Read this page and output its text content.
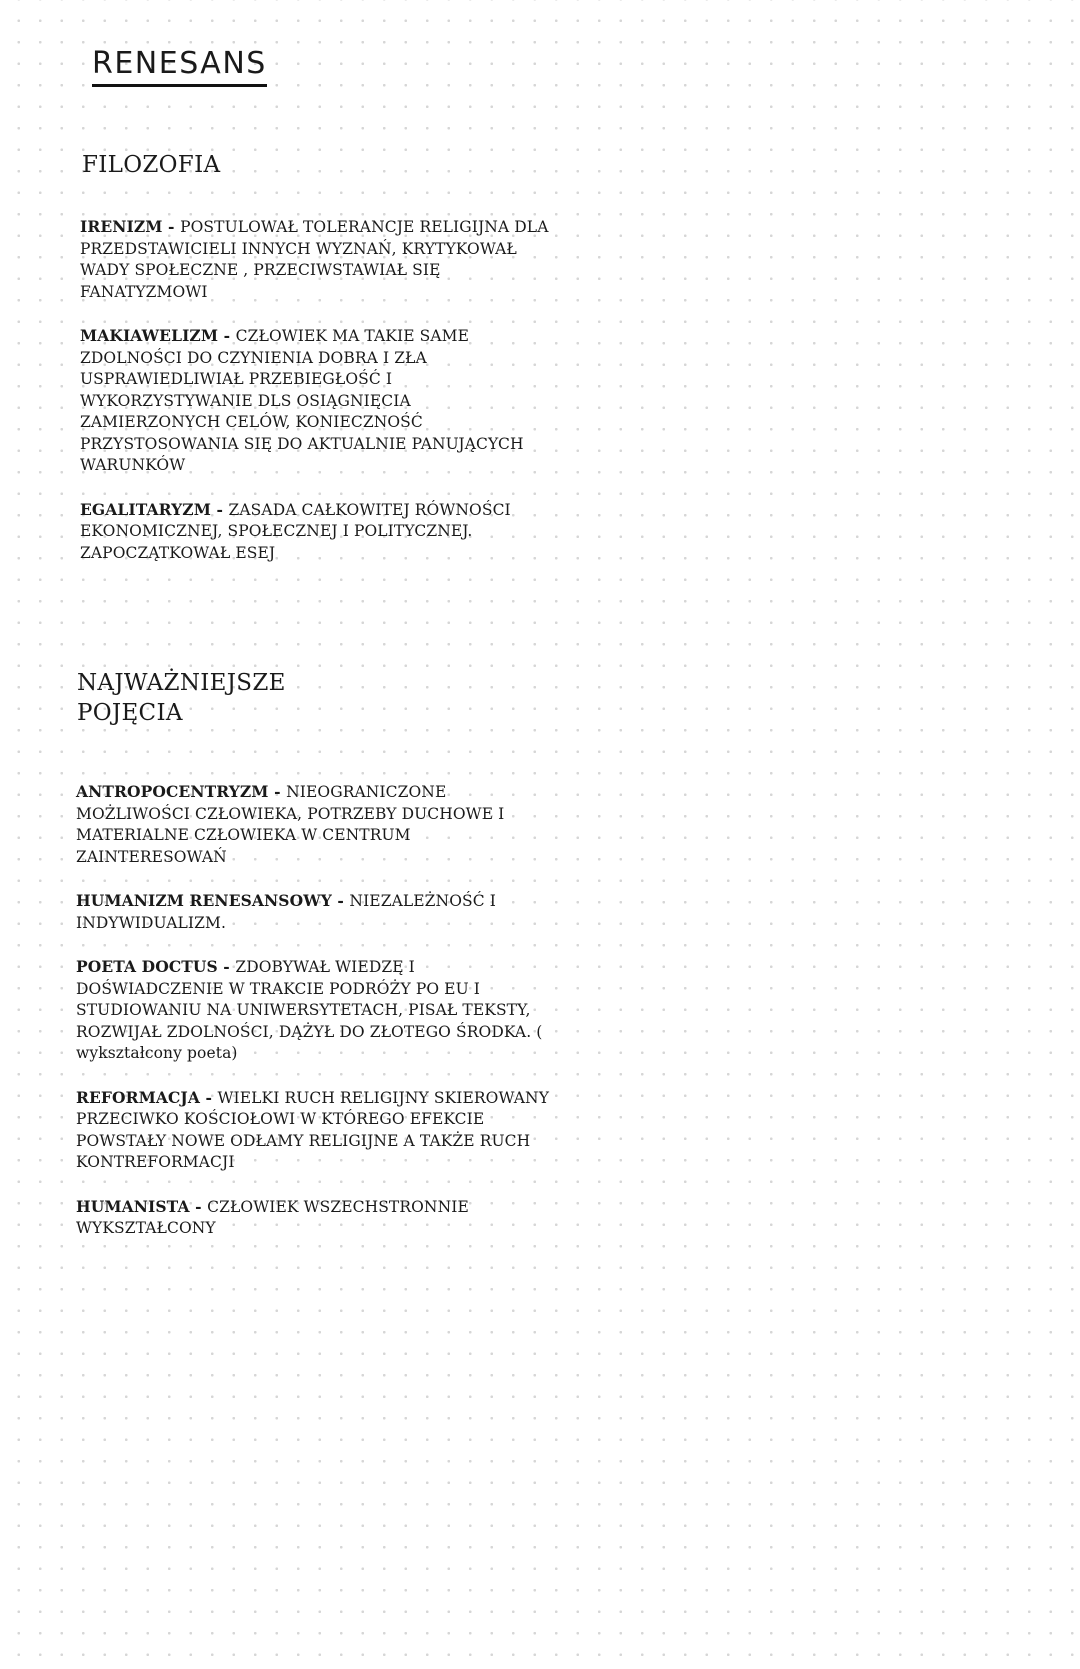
RENESANS
FILOZOFIA

IRENIZM - POSTULOWAŁ TOLERANCJE RELIGIJNA DLA PRZEDSTAWICIELI INNYCH WYZNAŃ, KRYTYKOWAŁ WADY SPOŁECZNE , PRZECIWSTAWIAŁ SIĘ FANATYZMOWI

MAKIAWELIZM - CZŁOWIEK MA TAKIE SAME ZDOLNOŚCI DO CZYNIENIA DOBRA I ZŁA
USPRAWIEDLIWIAŁ PRZEBIEGŁOŚĆ I WYKORZYSTYWANIE DLS OSIĄGNIĘCIA ZAMIERZONYCH CELÓW, KONIECZNOŚĆ PRZYSTOSOWANIA SIĘ DO AKTUALNIE PANUJĄCYCH WARUNKÓW

EGALITARYZM - ZASADA CAŁKOWITEJ RÓWNOŚCI EKONOMICZNEJ, SPOŁECZNEJ I POLITYCZNEJ. ZAPOCZĄTKOWAŁ ESEJ

NAJWAŻNIEJSZE POJĘCIA

ANTROPOCENTRYZM - NIEOGRANICZONE MOŻLIWOŚCI CZŁOWIEKA, POTRZEBY DUCHOWE I MATERIALNE CZŁOWIEKA W CENTRUM ZAINTERESOWAŃ

HUMANIZM RENESANSOWY - NIEZALEŻNOŚĆ I INDYWIDUALIZM.

POETA DOCTUS - ZDOBYWAŁ WIEDZĘ I DOŚWIADCZENIE W TRAKCIE PODRÓŻY PO EU I STUDIOWANIU NA UNIWERSYTETACH, PISAŁ TEKSTY, ROZWIJAŁ ZDOLNOŚCI, DĄŻYŁ DO ZŁOTEGO ŚRODKA. ( wykształcony poeta)

REFORMACJA - WIELKI RUCH RELIGIJNY SKIEROWANY PRZECIWKO KOŚCIOŁOWI W KTÓREGO EFEKCIE POWSTAŁY NOWE ODŁAMY RELIGIJNE A TAKŻE RUCH KONTREFORMACJI

HUMANISTA - CZŁOWIEK WSZECHSTRONNIE WYKSZTAŁCONY
